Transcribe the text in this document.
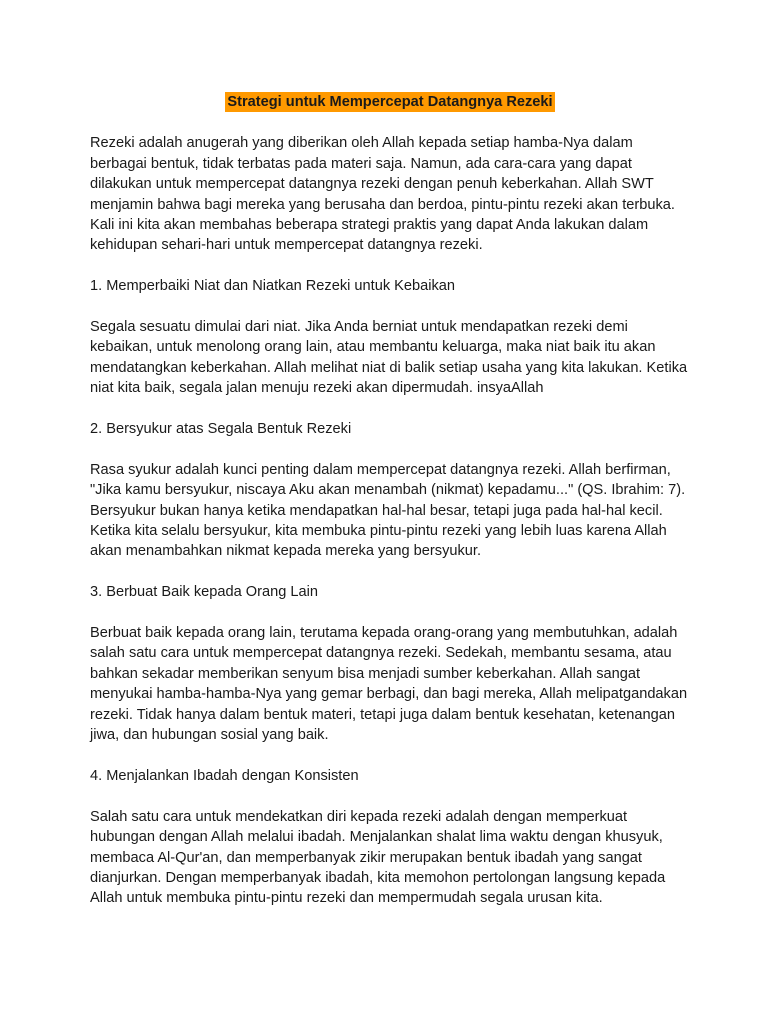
Strategi untuk Mempercepat Datangnya Rezeki

Rezeki adalah anugerah yang diberikan oleh Allah kepada setiap hamba-Nya dalam berbagai bentuk, tidak terbatas pada materi saja. Namun, ada cara-cara yang dapat dilakukan untuk mempercepat datangnya rezeki dengan penuh keberkahan. Allah SWT menjamin bahwa bagi mereka yang berusaha dan berdoa, pintu-pintu rezeki akan terbuka. Kali ini kita akan membahas beberapa strategi praktis yang dapat Anda lakukan dalam kehidupan sehari-hari untuk mempercepat datangnya rezeki.

1. Memperbaiki Niat dan Niatkan Rezeki untuk Kebaikan

Segala sesuatu dimulai dari niat. Jika Anda berniat untuk mendapatkan rezeki demi kebaikan, untuk menolong orang lain, atau membantu keluarga, maka niat baik itu akan mendatangkan keberkahan. Allah melihat niat di balik setiap usaha yang kita lakukan. Ketika niat kita baik, segala jalan menuju rezeki akan dipermudah. insyaAllah

2. Bersyukur atas Segala Bentuk Rezeki

Rasa syukur adalah kunci penting dalam mempercepat datangnya rezeki. Allah berfirman, "Jika kamu bersyukur, niscaya Aku akan menambah (nikmat) kepadamu..." (QS. Ibrahim: 7). Bersyukur bukan hanya ketika mendapatkan hal-hal besar, tetapi juga pada hal-hal kecil. Ketika kita selalu bersyukur, kita membuka pintu-pintu rezeki yang lebih luas karena Allah akan menambahkan nikmat kepada mereka yang bersyukur.

3. Berbuat Baik kepada Orang Lain

Berbuat baik kepada orang lain, terutama kepada orang-orang yang membutuhkan, adalah salah satu cara untuk mempercepat datangnya rezeki. Sedekah, membantu sesama, atau bahkan sekadar memberikan senyum bisa menjadi sumber keberkahan. Allah sangat menyukai hamba-hamba-Nya yang gemar berbagi, dan bagi mereka, Allah melipatgandakan rezeki. Tidak hanya dalam bentuk materi, tetapi juga dalam bentuk kesehatan, ketenangan jiwa, dan hubungan sosial yang baik.

4. Menjalankan Ibadah dengan Konsisten

Salah satu cara untuk mendekatkan diri kepada rezeki adalah dengan memperkuat hubungan dengan Allah melalui ibadah. Menjalankan shalat lima waktu dengan khusyuk, membaca Al-Qur'an, dan memperbanyak zikir merupakan bentuk ibadah yang sangat dianjurkan. Dengan memperbanyak ibadah, kita memohon pertolongan langsung kepada Allah untuk membuka pintu-pintu rezeki dan mempermudah segala urusan kita.
